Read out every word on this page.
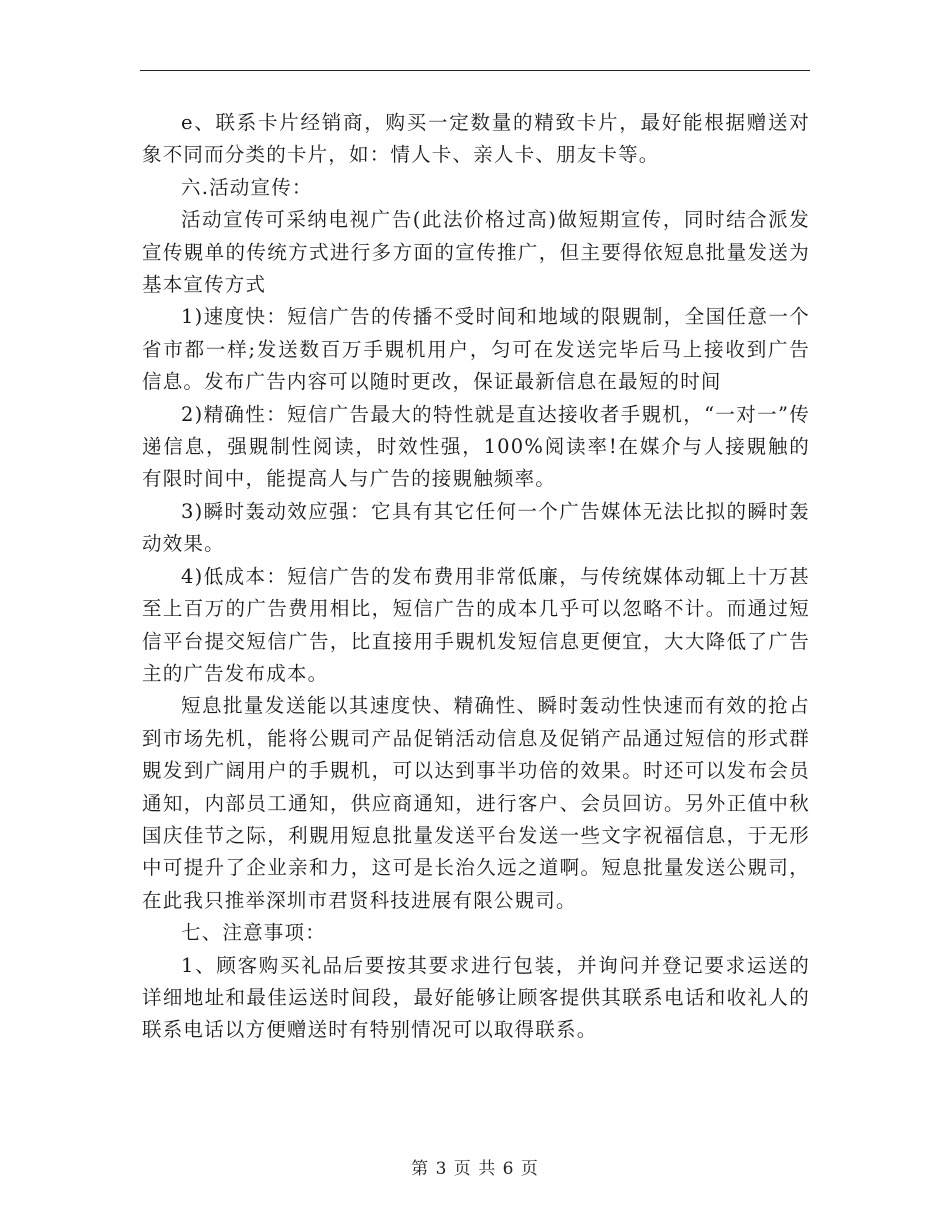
e、联系卡片经销商，购买一定数量的精致卡片，最好能根据赠送对象不同而分类的卡片，如：情人卡、亲人卡、朋友卡等。

六.活动宣传：

活动宣传可采纳电视广告(此法价格过高)做短期宣传，同时结合派发宣传覞单的传统方式进行多方面的宣传推广，但主要得依短息批量发送为基本宣传方式

1)速度快：短信广告的传播不受时间和地域的限覞制，全国任意一个省市都一样;发送数百万手覞机用户，匀可在发送完毕后马上接收到广告信息。发布广告内容可以随时更改，保证最新信息在最短的时间

2)精确性：短信广告最大的特性就是直达接收者手覞机，“一对一”传递信息，强覞制性阅读，时效性强，100%阅读率!在媒介与人接覞触的有限时间中，能提高人与广告的接覞触频率。

3)瞬时轰动效应强：它具有其它任何一个广告媒体无法比拟的瞬时轰动效果。

4)低成本：短信广告的发布费用非常低廉，与传统媒体动辄上十万甚至上百万的广告费用相比，短信广告的成本几乎可以忽略不计。而通过短信平台提交短信广告，比直接用手覞机发短信息更便宜，大大降低了广告主的广告发布成本。

短息批量发送能以其速度快、精确性、瞬时轰动性快速而有效的抢占到市场先机，能将公覞司产品促销活动信息及促销产品通过短信的形式群覞发到广阔用户的手覞机，可以达到事半功倍的效果。时还可以发布会员通知，内部员工通知，供应商通知，进行客户、会员回访。另外正值中秋国庆佳节之际，利覞用短息批量发送平台发送一些文字祝福信息，于无形中可提升了企业亲和力，这可是长治久远之道啊。短息批量发送公覞司，在此我只推举深圳市君贤科技进展有限公覞司。

七、注意事项：

1、顾客购买礼品后要按其要求进行包装，并询问并登记要求运送的详细地址和最佳运送时间段，最好能够让顾客提供其联系电话和收礼人的联系电话以方便赠送时有特别情况可以取得联系。

第 3 页 共 6 页
